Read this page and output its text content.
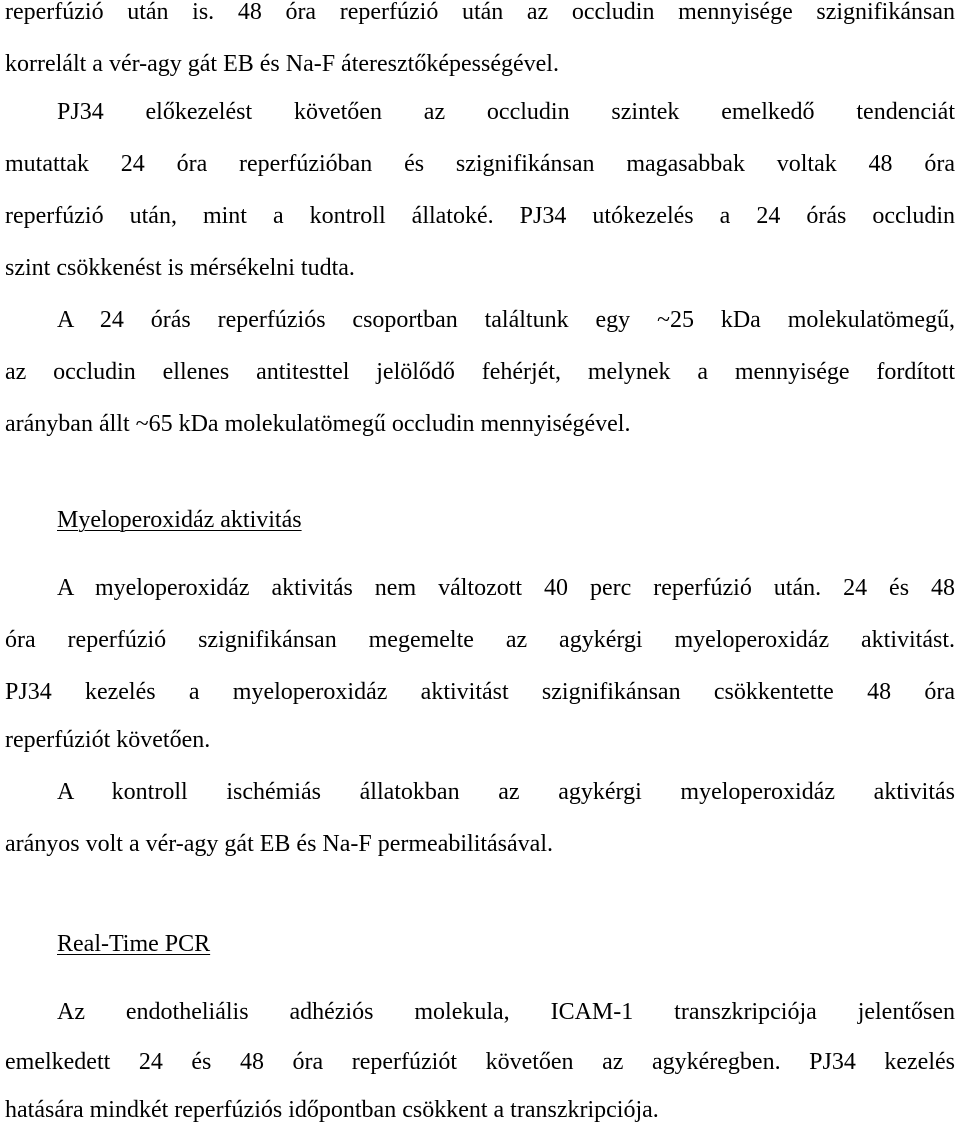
reperfúzió után is. 48 óra reperfúzió után az occludin mennyisége szignifikánsan
korrelált a vér-agy gát EB és Na-F áteresztőképességével.
PJ34 előkezelést követően az occludin szintek emelkedő tendenciát
mutattak 24 óra reperfúzióban és szignifikánsan magasabbak voltak 48 óra
reperfúzió után, mint a kontroll állatoké. PJ34 utókezelés a 24 órás occludin
szint csökkenést is mérsékelni tudta.
A 24 órás reperfúziós csoportban találtunk egy ~25 kDa molekulatömegű,
az occludin ellenes antitesttel jelölődő fehérjét, melynek a mennyisége fordított
arányban állt ~65 kDa molekulatömegű occludin mennyiségével.
Myeloperoxidáz aktivitás
A myeloperoxidáz aktivitás nem változott 40 perc reperfúzió után. 24 és 48
óra reperfúzió szignifikánsan megemelte az agykérgi myeloperoxidáz aktivitást.
PJ34 kezelés a myeloperoxidáz aktivitást szignifikánsan csökkentette 48 óra
reperfúziót követően.
A kontroll ischémiás állatokban az agykérgi myeloperoxidáz aktivitás
arányos volt a vér-agy gát EB és Na-F permeabilitásával.
Real-Time PCR
Az endotheliális adhéziós molekula, ICAM-1 transzkripciója jelentősen
emelkedett 24 és 48 óra reperfúziót követően az agykéregben. PJ34 kezelés
hatására mindkét reperfúziós időpontban csökkent a transzkripciója.
